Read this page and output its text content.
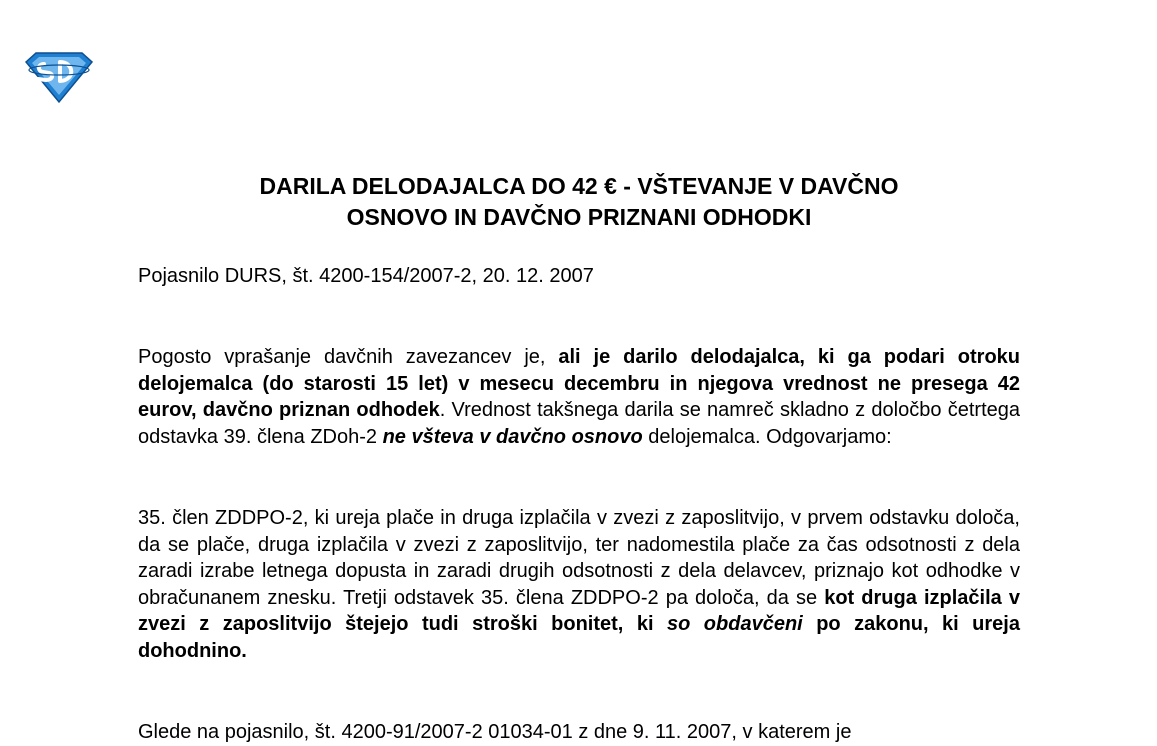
DARILA DELODAJALCA DO 42 € - VŠTEVANJE V DAVČNO
OSNOVO IN DAVČNO PRIZNANI ODHODKI
Pojasnilo DURS, št. 4200-154/2007-2, 20. 12. 2007

Pogosto vprašanje davčnih zavezancev je, ali je darilo delodajalca, ki ga podari otroku delojemalca (do starosti 15 let) v mesecu decembru in njegova vrednost ne presega 42 eurov, davčno priznan odhodek. Vrednost takšnega darila se namreč skladno z določbo četrtega odstavka 39. člena ZDoh-2 ne všteva v davčno osnovo delojemalca. Odgovarjamo:

35. člen ZDDPO-2, ki ureja plače in druga izplačila v zvezi z zaposlitvijo, v prvem odstavku določa, da se plače, druga izplačila v zvezi z zaposlitvijo, ter nadomestila plače za čas odsotnosti z dela zaradi izrabe letnega dopusta in zaradi drugih odsotnosti z dela delavcev, priznajo kot odhodke v obračunanem znesku. Tretji odstavek 35. člena ZDDPO-2 pa določa, da se kot druga izplačila v zvezi z zaposlitvijo štejejo tudi stroški bonitet, ki so obdavčeni po zakonu, ki ureja dohodnino.

Glede na pojasnilo, št. 4200-91/2007-2 01034-01 z dne 9. 11. 2007, v katerem je
